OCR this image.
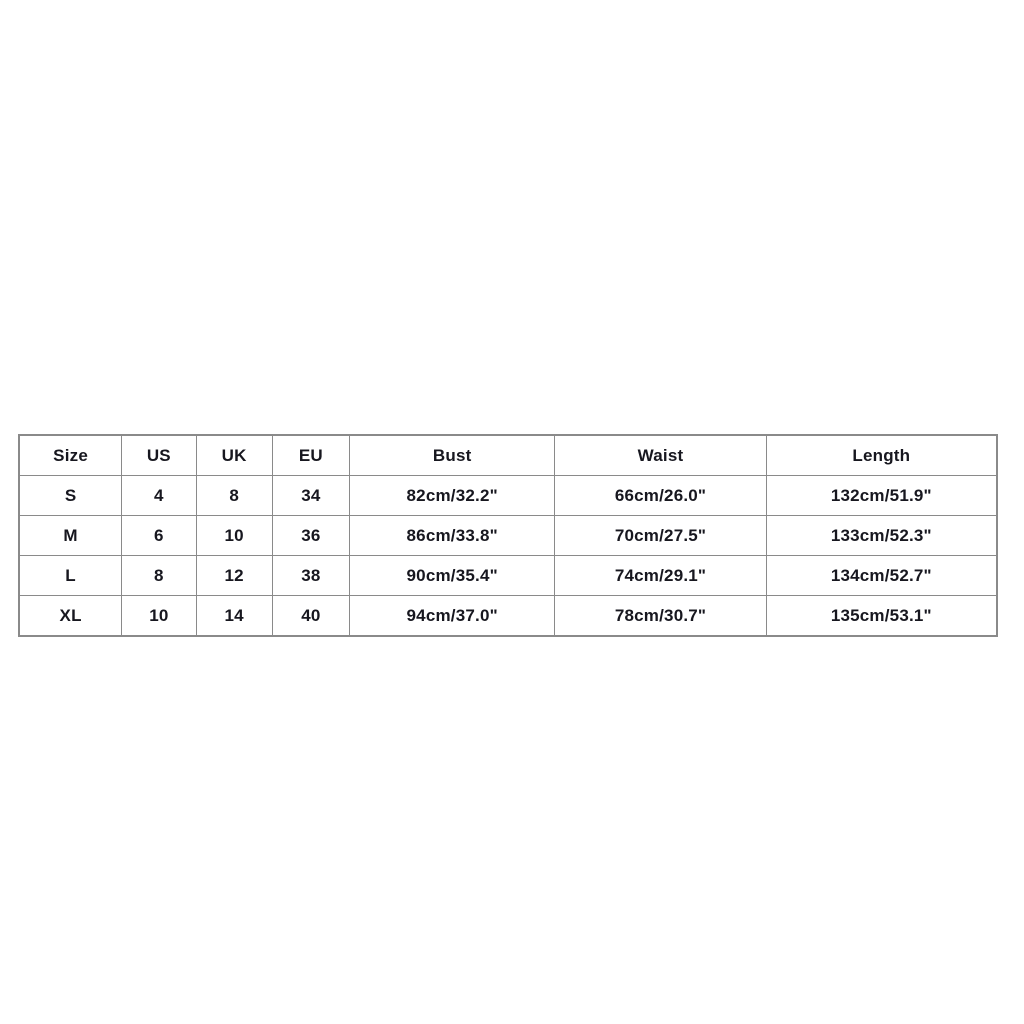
Size	US	UK	EU	Bust	Waist	Length
S	4	8	34	82cm/32.2"	66cm/26.0"	132cm/51.9"
M	6	10	36	86cm/33.8"	70cm/27.5"	133cm/52.3"
L	8	12	38	90cm/35.4"	74cm/29.1"	134cm/52.7"
XL	10	14	40	94cm/37.0"	78cm/30.7"	135cm/53.1"
